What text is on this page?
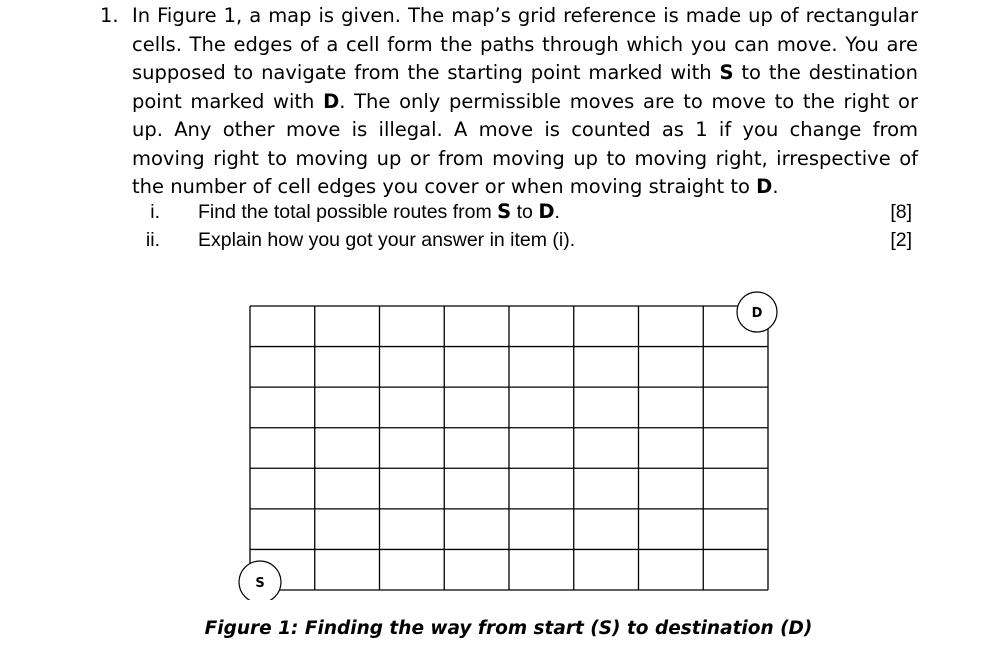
1. In Figure 1, a map is given. The map’s grid reference is made up of rectangular cells. The edges of a cell form the paths through which you can move. You are supposed to navigate from the starting point marked with S to the destination point marked with D. The only permissible moves are to move to the right or up. Any other move is illegal. A move is counted as 1 if you change from moving right to moving up or from moving up to moving right, irrespective of the number of cell edges you cover or when moving straight to D.
i. Find the total possible routes from S to D.	[8]
ii. Explain how you got your answer in item (i).	[2]
S
D
Figure 1: Finding the way from start (S) to destination (D)
